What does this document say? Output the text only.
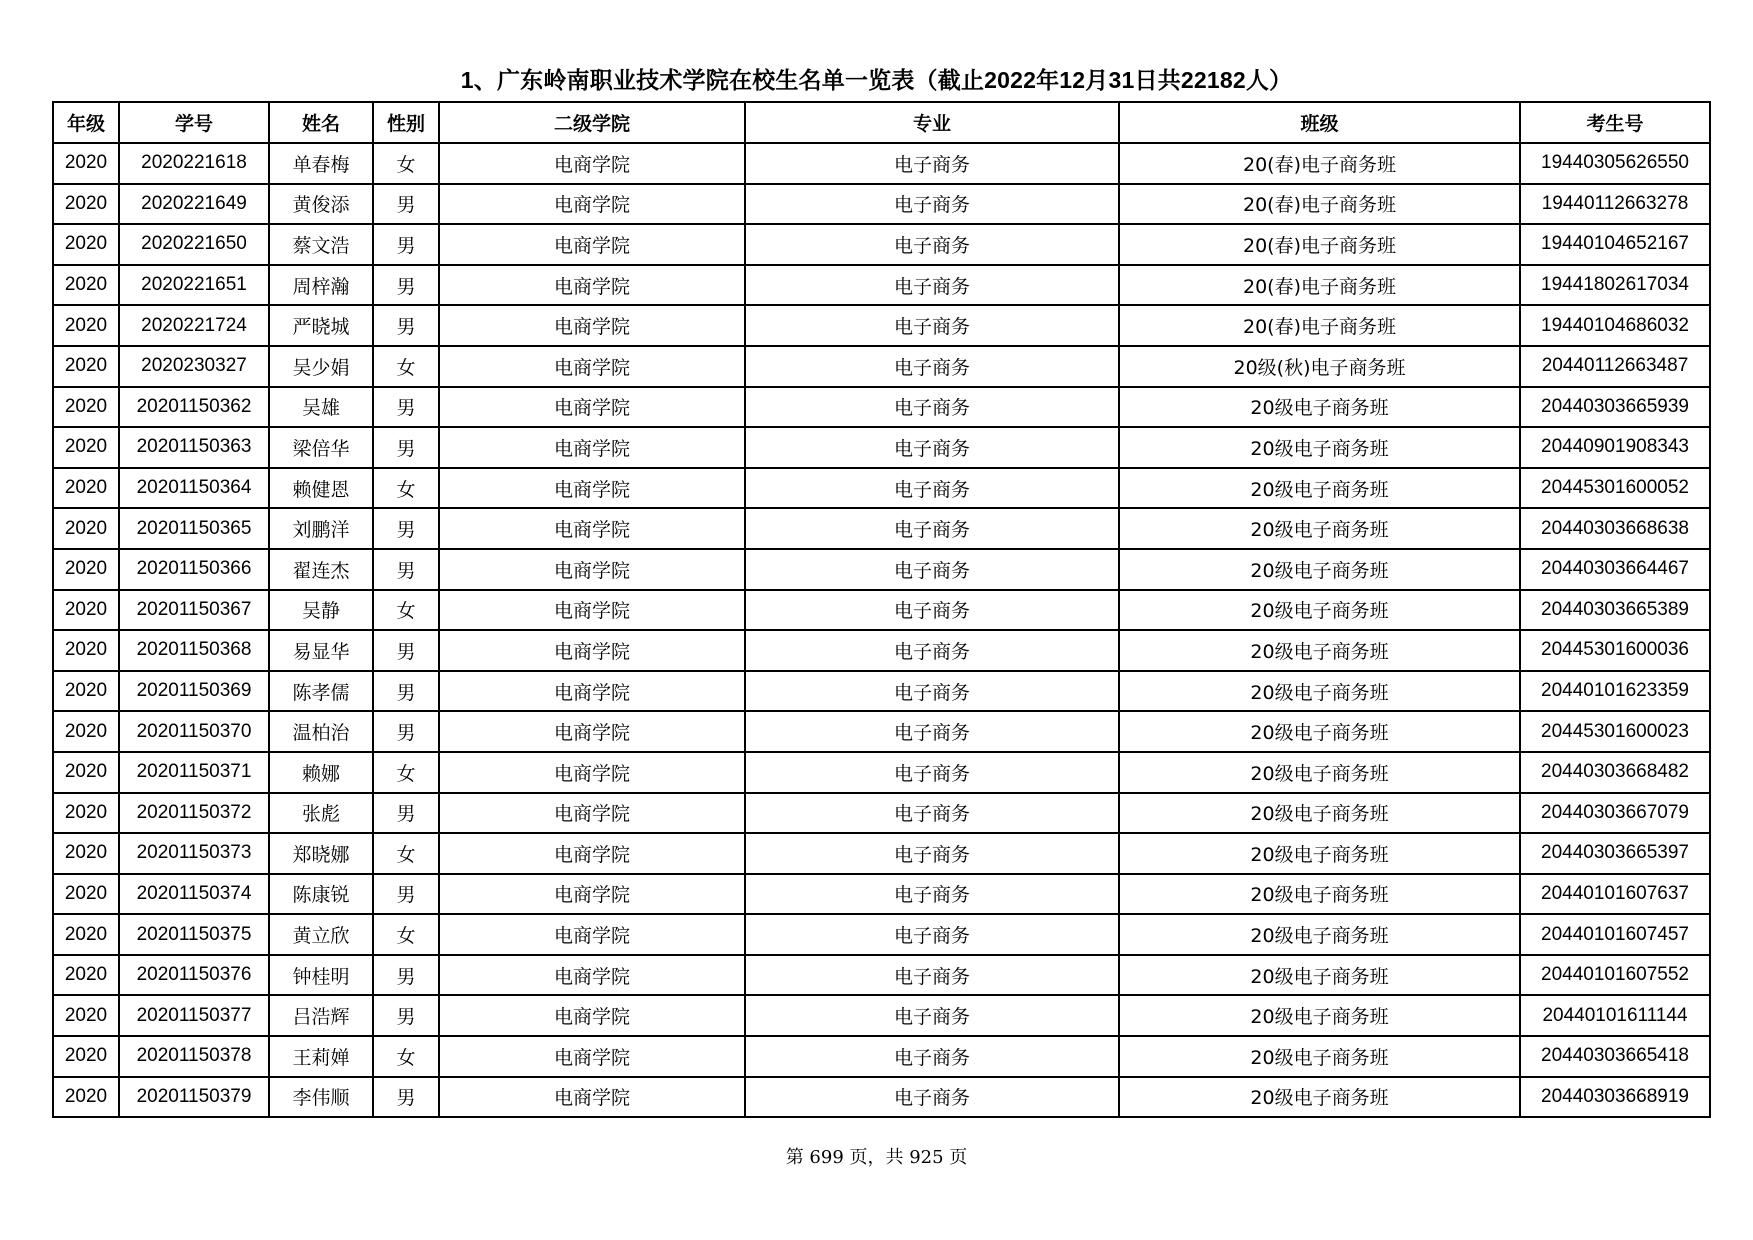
1、广东岭南职业技术学院在校生名单一览表（截止2022年12月31日共22182人）
年级	学号	姓名	性别	二级学院	专业	班级	考生号
2020	2020221618	单春梅	女	电商学院	电子商务	20(春)电子商务班	19440305626550
2020	2020221649	黄俊添	男	电商学院	电子商务	20(春)电子商务班	19440112663278
2020	2020221650	蔡文浩	男	电商学院	电子商务	20(春)电子商务班	19440104652167
2020	2020221651	周梓瀚	男	电商学院	电子商务	20(春)电子商务班	19441802617034
2020	2020221724	严晓城	男	电商学院	电子商务	20(春)电子商务班	19440104686032
2020	2020230327	吴少娟	女	电商学院	电子商务	20级(秋)电子商务班	20440112663487
2020	20201150362	吴雄	男	电商学院	电子商务	20级电子商务班	20440303665939
2020	20201150363	梁倍华	男	电商学院	电子商务	20级电子商务班	20440901908343
2020	20201150364	赖健恩	女	电商学院	电子商务	20级电子商务班	20445301600052
2020	20201150365	刘鹏洋	男	电商学院	电子商务	20级电子商务班	20440303668638
2020	20201150366	翟连杰	男	电商学院	电子商务	20级电子商务班	20440303664467
2020	20201150367	吴静	女	电商学院	电子商务	20级电子商务班	20440303665389
2020	20201150368	易显华	男	电商学院	电子商务	20级电子商务班	20445301600036
2020	20201150369	陈孝儒	男	电商学院	电子商务	20级电子商务班	20440101623359
2020	20201150370	温柏治	男	电商学院	电子商务	20级电子商务班	20445301600023
2020	20201150371	赖娜	女	电商学院	电子商务	20级电子商务班	20440303668482
2020	20201150372	张彪	男	电商学院	电子商务	20级电子商务班	20440303667079
2020	20201150373	郑晓娜	女	电商学院	电子商务	20级电子商务班	20440303665397
2020	20201150374	陈康锐	男	电商学院	电子商务	20级电子商务班	20440101607637
2020	20201150375	黄立欣	女	电商学院	电子商务	20级电子商务班	20440101607457
2020	20201150376	钟桂明	男	电商学院	电子商务	20级电子商务班	20440101607552
2020	20201150377	吕浩辉	男	电商学院	电子商务	20级电子商务班	20440101611144
2020	20201150378	王莉婵	女	电商学院	电子商务	20级电子商务班	20440303665418
2020	20201150379	李伟顺	男	电商学院	电子商务	20级电子商务班	20440303668919
第 699 页，共 925 页
